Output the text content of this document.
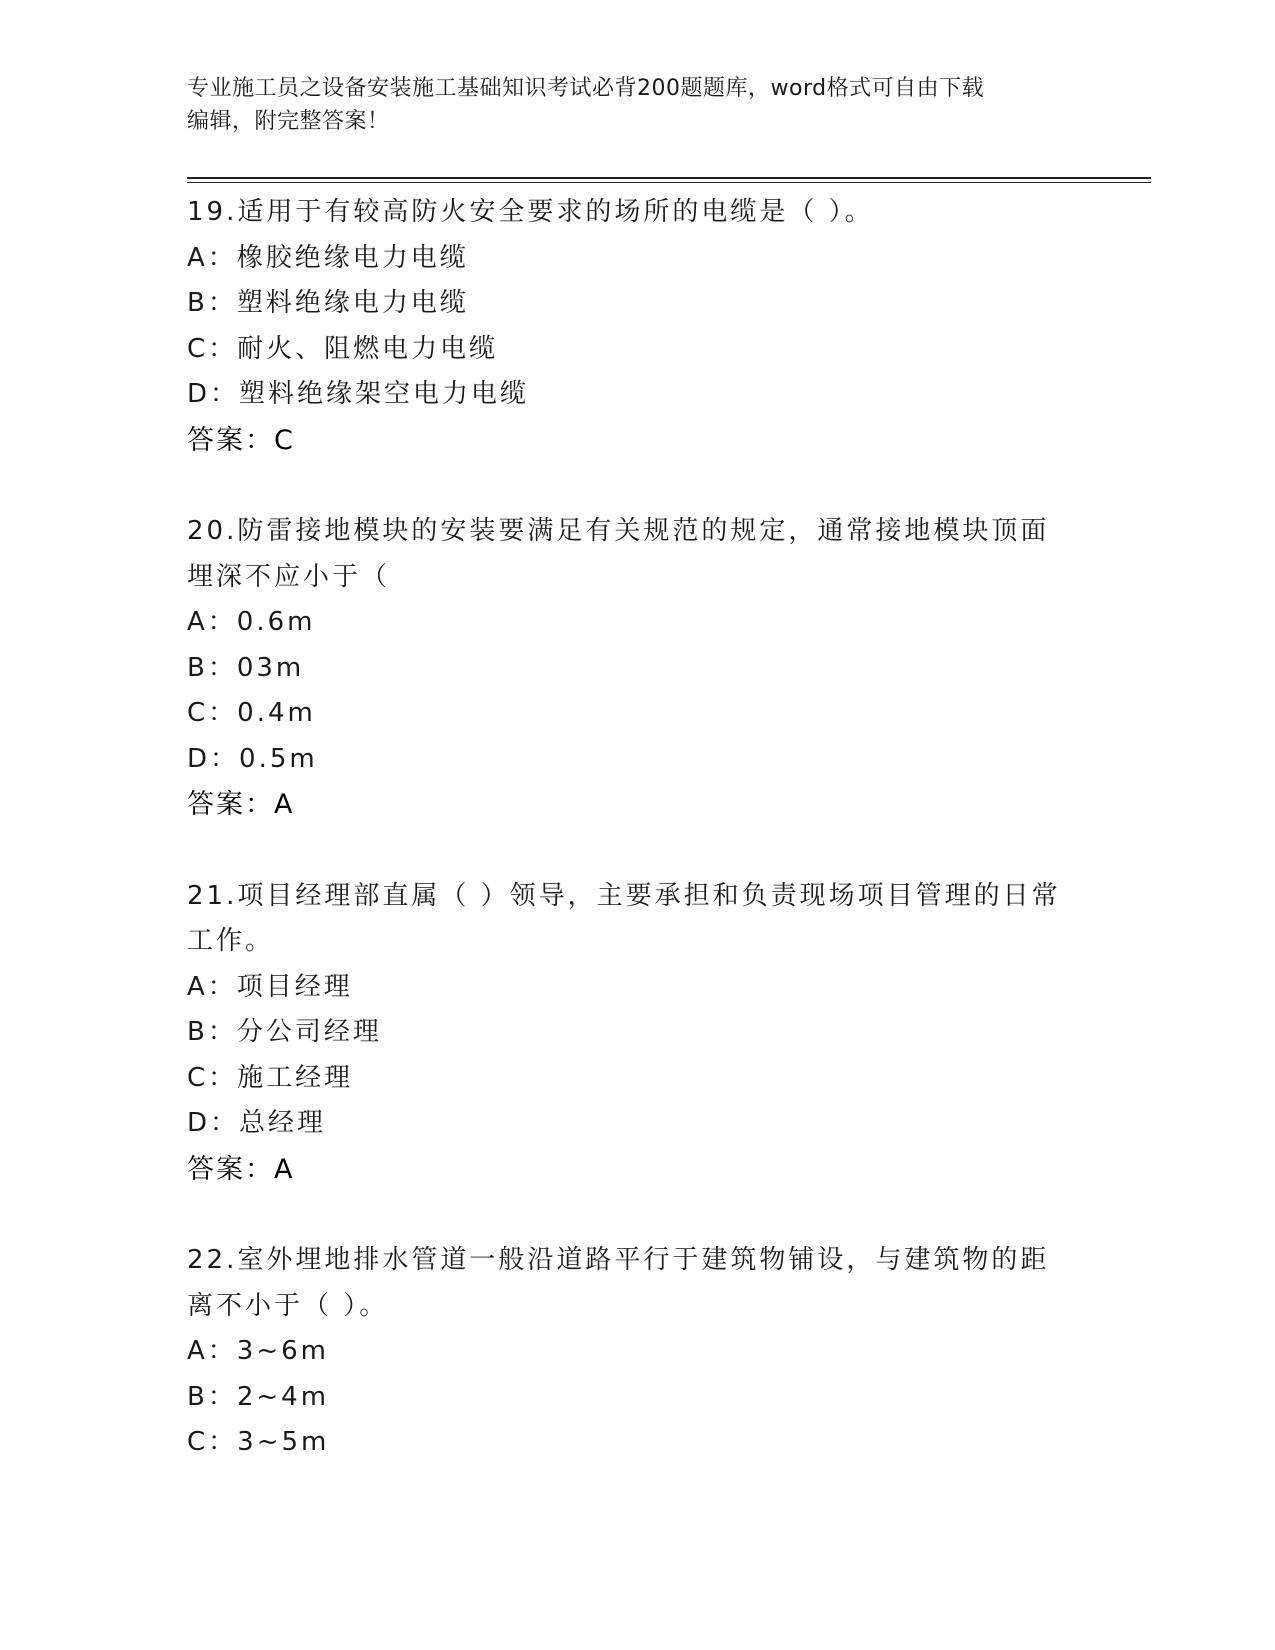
专业施工员之设备安装施工基础知识考试必背200题题库，word格式可自由下载
编辑，附完整答案！
19.适用于有较高防火安全要求的场所的电缆是（ ）。
A：橡胶绝缘电力电缆
B：塑料绝缘电力电缆
C：耐火、阻燃电力电缆
D：塑料绝缘架空电力电缆
答案：C
20.防雷接地模块的安装要满足有关规范的规定，通常接地模块顶面埋深不应小于（
A：0.6m
B：03m
C：0.4m
D：0.5m
答案：A
21.项目经理部直属（ ）领导，主要承担和负责现场项目管理的日常工作。
A：项目经理
B：分公司经理
C：施工经理
D：总经理
答案：A
22.室外埋地排水管道一般沿道路平行于建筑物铺设，与建筑物的距离不小于（ ）。
A：3~6m
B：2~4m
C：3~5m
